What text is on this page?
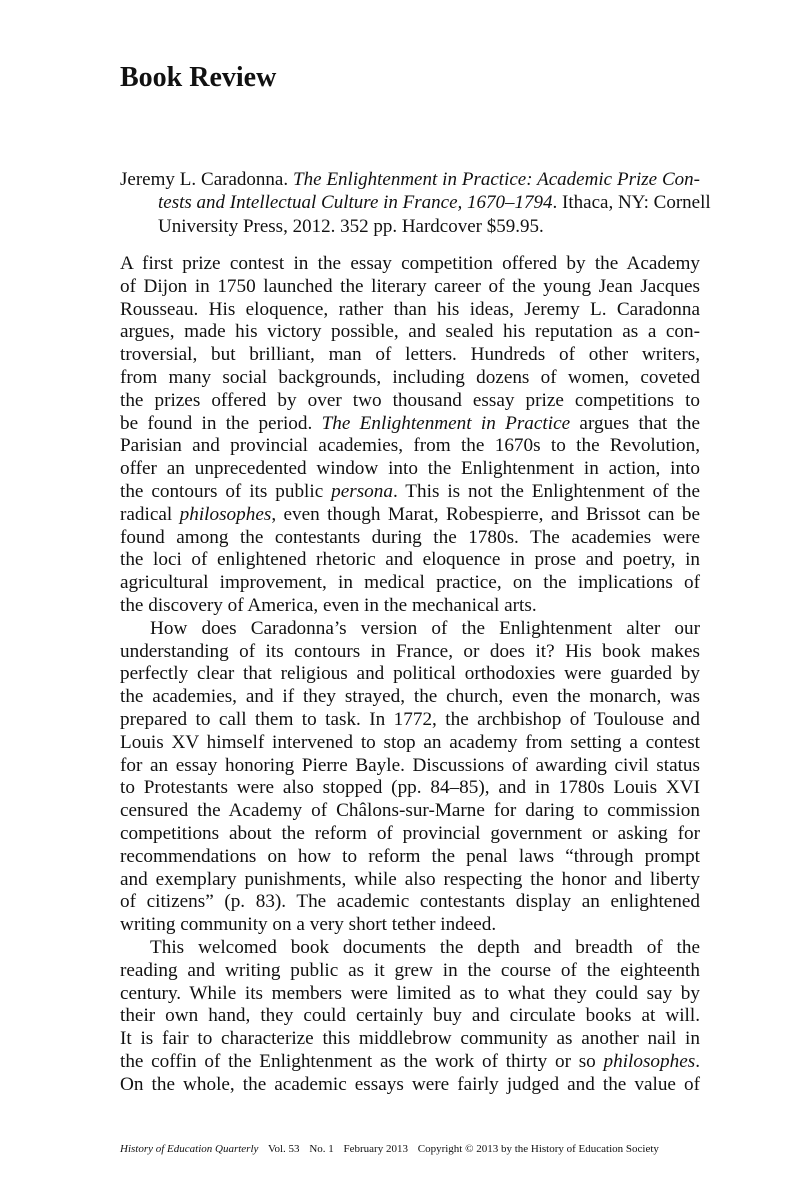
Book Review
Jeremy L. Caradonna. The Enlightenment in Practice: Academic Prize Con-
tests and Intellectual Culture in France, 1670–1794. Ithaca, NY: Cornell
University Press, 2012. 352 pp. Hardcover $59.95.
A first prize contest in the essay competition offered by the Academy
of Dijon in 1750 launched the literary career of the young Jean Jacques
Rousseau. His eloquence, rather than his ideas, Jeremy L. Caradonna
argues, made his victory possible, and sealed his reputation as a con-
troversial, but brilliant, man of letters. Hundreds of other writers,
from many social backgrounds, including dozens of women, coveted
the prizes offered by over two thousand essay prize competitions to
be found in the period. The Enlightenment in Practice argues that the
Parisian and provincial academies, from the 1670s to the Revolution,
offer an unprecedented window into the Enlightenment in action, into
the contours of its public persona. This is not the Enlightenment of the
radical philosophes, even though Marat, Robespierre, and Brissot can be
found among the contestants during the 1780s. The academies were
the loci of enlightened rhetoric and eloquence in prose and poetry, in
agricultural improvement, in medical practice, on the implications of
the discovery of America, even in the mechanical arts.
How does Caradonna’s version of the Enlightenment alter our
understanding of its contours in France, or does it? His book makes
perfectly clear that religious and political orthodoxies were guarded by
the academies, and if they strayed, the church, even the monarch, was
prepared to call them to task. In 1772, the archbishop of Toulouse and
Louis XV himself intervened to stop an academy from setting a contest
for an essay honoring Pierre Bayle. Discussions of awarding civil status
to Protestants were also stopped (pp. 84–85), and in 1780s Louis XVI
censured the Academy of Châlons-sur-Marne for daring to commission
competitions about the reform of provincial government or asking for
recommendations on how to reform the penal laws “through prompt
and exemplary punishments, while also respecting the honor and liberty
of citizens” (p. 83). The academic contestants display an enlightened
writing community on a very short tether indeed.
This welcomed book documents the depth and breadth of the
reading and writing public as it grew in the course of the eighteenth
century. While its members were limited as to what they could say by
their own hand, they could certainly buy and circulate books at will.
It is fair to characterize this middlebrow community as another nail in
the coffin of the Enlightenment as the work of thirty or so philosophes.
On the whole, the academic essays were fairly judged and the value of
History of Education Quarterly Vol. 53 No. 1 February 2013 Copyright © 2013 by the History of Education Society
